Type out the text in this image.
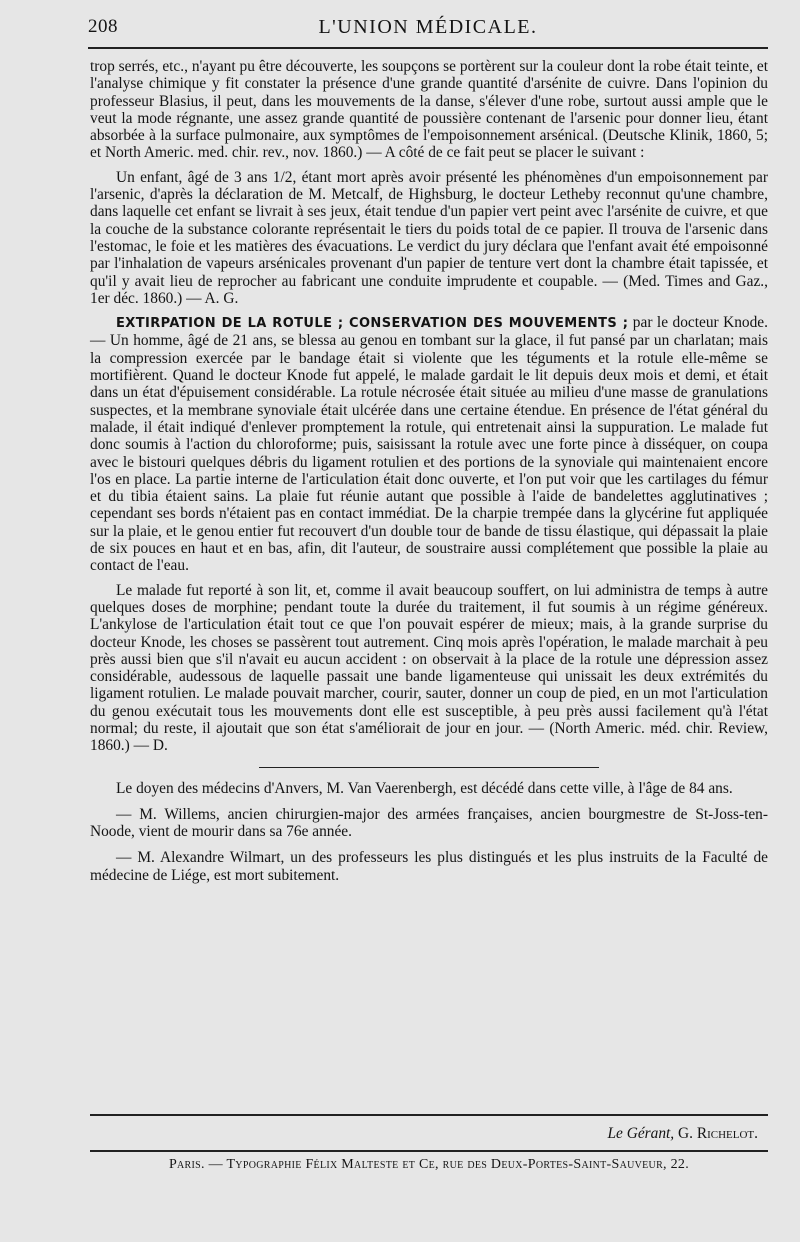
208	L'UNION MÉDICALE.

trop serrés, etc., n'ayant pu être découverte, les soupçons se portèrent sur la couleur dont la robe était teinte, et l'analyse chimique y fit constater la présence d'une grande quantité d'arsénite de cuivre. Dans l'opinion du professeur Blasius, il peut, dans les mouvements de la danse, s'élever d'une robe, surtout aussi ample que le veut la mode régnante, une assez grande quantité de poussière contenant de l'arsenic pour donner lieu, étant absorbée à la surface pulmonaire, aux symptômes de l'empoisonnement arsénical. (Deutsche Klinik, 1860, 5; et North Americ. med. chir. rev., nov. 1860.) — A côté de ce fait peut se placer le suivant :

Un enfant, âgé de 3 ans 1/2, étant mort après avoir présenté les phénomènes d'un empoisonnement par l'arsenic, d'après la déclaration de M. Metcalf, de Highsburg, le docteur Letheby reconnut qu'une chambre, dans laquelle cet enfant se livrait à ses jeux, était tendue d'un papier vert peint avec l'arsénite de cuivre, et que la couche de la substance colorante représentait le tiers du poids total de ce papier. Il trouva de l'arsenic dans l'estomac, le foie et les matières des évacuations. Le verdict du jury déclara que l'enfant avait été empoisonné par l'inhalation de vapeurs arsénicales provenant d'un papier de tenture vert dont la chambre était tapissée, et qu'il y avait lieu de reprocher au fabricant une conduite imprudente et coupable. — (Med. Times and Gaz., 1er déc. 1860.) — A. G.

EXTIRPATION DE LA ROTULE ; CONSERVATION DES MOUVEMENTS ; par le docteur Knode. — Un homme, âgé de 21 ans, se blessa au genou en tombant sur la glace, il fut pansé par un charlatan; mais la compression exercée par le bandage était si violente que les téguments et la rotule elle-même se mortifièrent. Quand le docteur Knode fut appelé, le malade gardait le lit depuis deux mois et demi, et était dans un état d'épuisement considérable. La rotule nécrosée était située au milieu d'une masse de granulations suspectes, et la membrane synoviale était ulcérée dans une certaine étendue. En présence de l'état général du malade, il était indiqué d'enlever promptement la rotule, qui entretenait ainsi la suppuration. Le malade fut donc soumis à l'action du chloroforme; puis, saisissant la rotule avec une forte pince à disséquer, on coupa avec le bistouri quelques débris du ligament rotulien et des portions de la synoviale qui maintenaient encore l'os en place. La partie interne de l'articulation était donc ouverte, et l'on put voir que les cartilages du fémur et du tibia étaient sains. La plaie fut réunie autant que possible à l'aide de bandelettes agglutinatives ; cependant ses bords n'étaient pas en contact immédiat. De la charpie trempée dans la glycérine fut appliquée sur la plaie, et le genou entier fut recouvert d'un double tour de bande de tissu élastique, qui dépassait la plaie de six pouces en haut et en bas, afin, dit l'auteur, de soustraire aussi complétement que possible la plaie au contact de l'eau.

Le malade fut reporté à son lit, et, comme il avait beaucoup souffert, on lui administra de temps à autre quelques doses de morphine; pendant toute la durée du traitement, il fut soumis à un régime généreux. L'ankylose de l'articulation était tout ce que l'on pouvait espérer de mieux; mais, à la grande surprise du docteur Knode, les choses se passèrent tout autrement. Cinq mois après l'opération, le malade marchait à peu près aussi bien que s'il n'avait eu aucun accident : on observait à la place de la rotule une dépression assez considérable, audessous de laquelle passait une bande ligamenteuse qui unissait les deux extrémités du ligament rotulien. Le malade pouvait marcher, courir, sauter, donner un coup de pied, en un mot l'articulation du genou exécutait tous les mouvements dont elle est susceptible, à peu près aussi facilement qu'à l'état normal; du reste, il ajoutait que son état s'améliorait de jour en jour. — (North Americ. méd. chir. Review, 1860.) — D.

Le doyen des médecins d'Anvers, M. Van Vaerenbergh, est décédé dans cette ville, à l'âge de 84 ans.

— M. Willems, ancien chirurgien-major des armées françaises, ancien bourgmestre de St-Joss-ten-Noode, vient de mourir dans sa 76e année.

— M. Alexandre Wilmart, un des professeurs les plus distingués et les plus instruits de la Faculté de médecine de Liége, est mort subitement.

Le Gérant, G. Richelot.
Paris. — Typographie Félix Malteste et Ce, rue des Deux-Portes-Saint-Sauveur, 22.
